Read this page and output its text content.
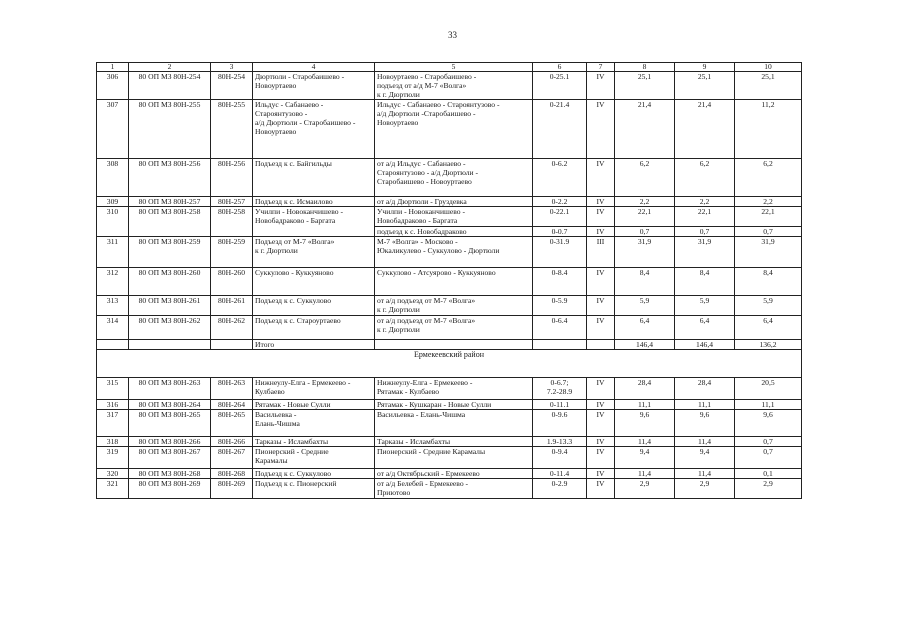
33
1	2	3	4	5	6	7	8	9	10
306	80 ОП МЗ 80Н-254	80Н-254	Дюртюли - Старобаишево -
Новоуртаево	Новоуртаево - Старобаишево -
подъезд от а/д М-7 «Волга»
к г. Дюртюли	0-25.1	IV	25,1	25,1	25,1
307	80 ОП МЗ 80Н-255	80Н-255	Ильдус - Сабанаево -
Староянтузово -
а/д Дюртюли - Старобаишево -
Новоуртаево	Ильдус - Сабанаево - Староянтузово -
а/д Дюртюли -Старобаишево -
Новоуртаево	0-21.4	IV	21,4	21,4	11,2
308	80 ОП МЗ 80Н-256	80Н-256	Подъезд к с. Байгильды	от а/д Ильдус - Сабанаево -
Староянтузово - а/д Дюртюли -
Старобаишево - Новоуртаево	0-6.2	IV	6,2	6,2	6,2
309	80 ОП МЗ 80Н-257	80Н-257	Подъезд к с. Исмаилово	от а/д Дюртюли - Груздевка	0-2.2	IV	2,2	2,2	2,2
310	80 ОП МЗ 80Н-258	80Н-258	Училпи - Новоканчишево -
Новобадраково - Баргата	Училпи - Новоканчишево -
Новобадраково - Баргата	0-22.1	IV	22,1	22,1	22,1
				подъезд к с. Новобадраково	0-0.7	IV	0,7	0,7	0,7
311	80 ОП МЗ 80Н-259	80Н-259	Подъезд от М-7 «Волга»
к г. Дюртюли	М-7 «Волга» - Москово -
Юкаликулево - Суккулово - Дюртюли	0-31.9	III	31,9	31,9	31,9
312	80 ОП МЗ 80Н-260	80Н-260	Суккулово - Куккуяново	Суккулово - Атсуярово - Куккуяново	0-8.4	IV	8,4	8,4	8,4
313	80 ОП МЗ 80Н-261	80Н-261	Подъезд к с. Суккулово	от а/д подъезд от М-7 «Волга»
к г. Дюртюли	0-5.9	IV	5,9	5,9	5,9
314	80 ОП МЗ 80Н-262	80Н-262	Подъезд к с. Староуртаево	от а/д подъезд от М-7 «Волга»
к г. Дюртюли	0-6.4	IV	6,4	6,4	6,4
			Итого				146,4	146,4	136,2
Ермекеевский район									
315	80 ОП МЗ 80Н-263	80Н-263	Нижнеулу-Елга - Ермекеево -
Кулбаево	Нижнеулу-Елга - Ермекеево -
Рятамак - Кулбаево	0-6.7;
7.2-28.9	IV	28,4	28,4	20,5
316	80 ОП МЗ 80Н-264	80Н-264	Рятамак - Новые Сулли	Рятамак - Кушкаран - Новые Сулли	0-11.1	IV	11,1	11,1	11,1
317	80 ОП МЗ 80Н-265	80Н-265	Васильевка -
Елань-Чишма	Васильевка - Елань-Чишма	0-9.6	IV	9,6	9,6	9,6
318	80 ОП МЗ 80Н-266	80Н-266	Тарказы - Исламбахты	Тарказы - Исламбахты	1.9-13.3	IV	11,4	11,4	0,7
319	80 ОП МЗ 80Н-267	80Н-267	Пионерский - Средние
Карамалы	Пионерский - Средние Карамалы	0-9.4	IV	9,4	9,4	0,7
320	80 ОП МЗ 80Н-268	80Н-268	Подъезд к с. Суккулово	от а/д Октябрьский - Ермекеево	0-11.4	IV	11,4	11,4	0,1
321	80 ОП МЗ 80Н-269	80Н-269	Подъезд к с. Пионерский	от а/д Белебей - Ермекеево -
Приютово	0-2.9	IV	2,9	2,9	2,9
